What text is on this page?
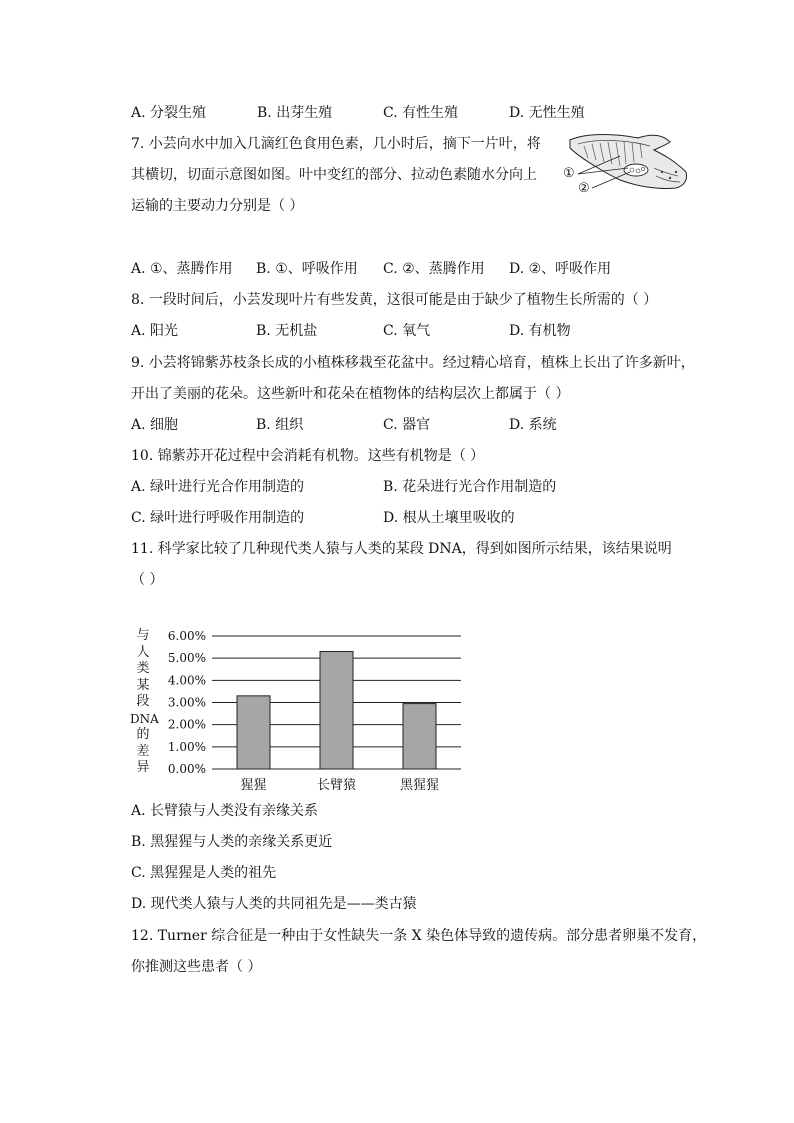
A. 分裂生殖	B. 出芽生殖	C. 有性生殖	D. 无性生殖
7. 小芸向水中加入几滴红色食用色素，几小时后，摘下一片叶，将
其横切，切面示意图如图。叶中变红的部分、拉动色素随水分向上
运输的主要动力分别是（ ）
①
②
A. ①、蒸腾作用 B. ①、呼吸作用 C. ②、蒸腾作用 D. ②、呼吸作用
8. 一段时间后，小芸发现叶片有些发黄，这很可能是由于缺少了植物生长所需的（ ）
A. 阳光	B. 无机盐	C. 氧气	D. 有机物
9. 小芸将锦紫苏枝条长成的小植株移栽至花盆中。经过精心培育，植株上长出了许多新叶，
开出了美丽的花朵。这些新叶和花朵在植物体的结构层次上都属于（ ）
A. 细胞	B. 组织	C. 器官	D. 系统
10. 锦紫苏开花过程中会消耗有机物。这些有机物是（ ）
A. 绿叶进行光合作用制造的	B. 花朵进行光合作用制造的
C. 绿叶进行呼吸作用制造的	D. 根从土壤里吸收的
11. 科学家比较了几种现代类人猿与人类的某段 DNA，得到如图所示结果，该结果说明
（ ）
与
人
类
某
段
DNA
的
差
异	0.00%
1.00%
2.00%
3.00%
4.00%
5.00%
6.00%
猩猩	长臂猿	黑猩猩
A. 长臂猿与人类没有亲缘关系
B. 黑猩猩与人类的亲缘关系更近
C. 黑猩猩是人类的祖先
D. 现代类人猿与人类的共同祖先是——类古猿
12. Turner 综合征是一种由于女性缺失一条 X 染色体导致的遗传病。部分患者卵巢不发育，
你推测这些患者（ ）
